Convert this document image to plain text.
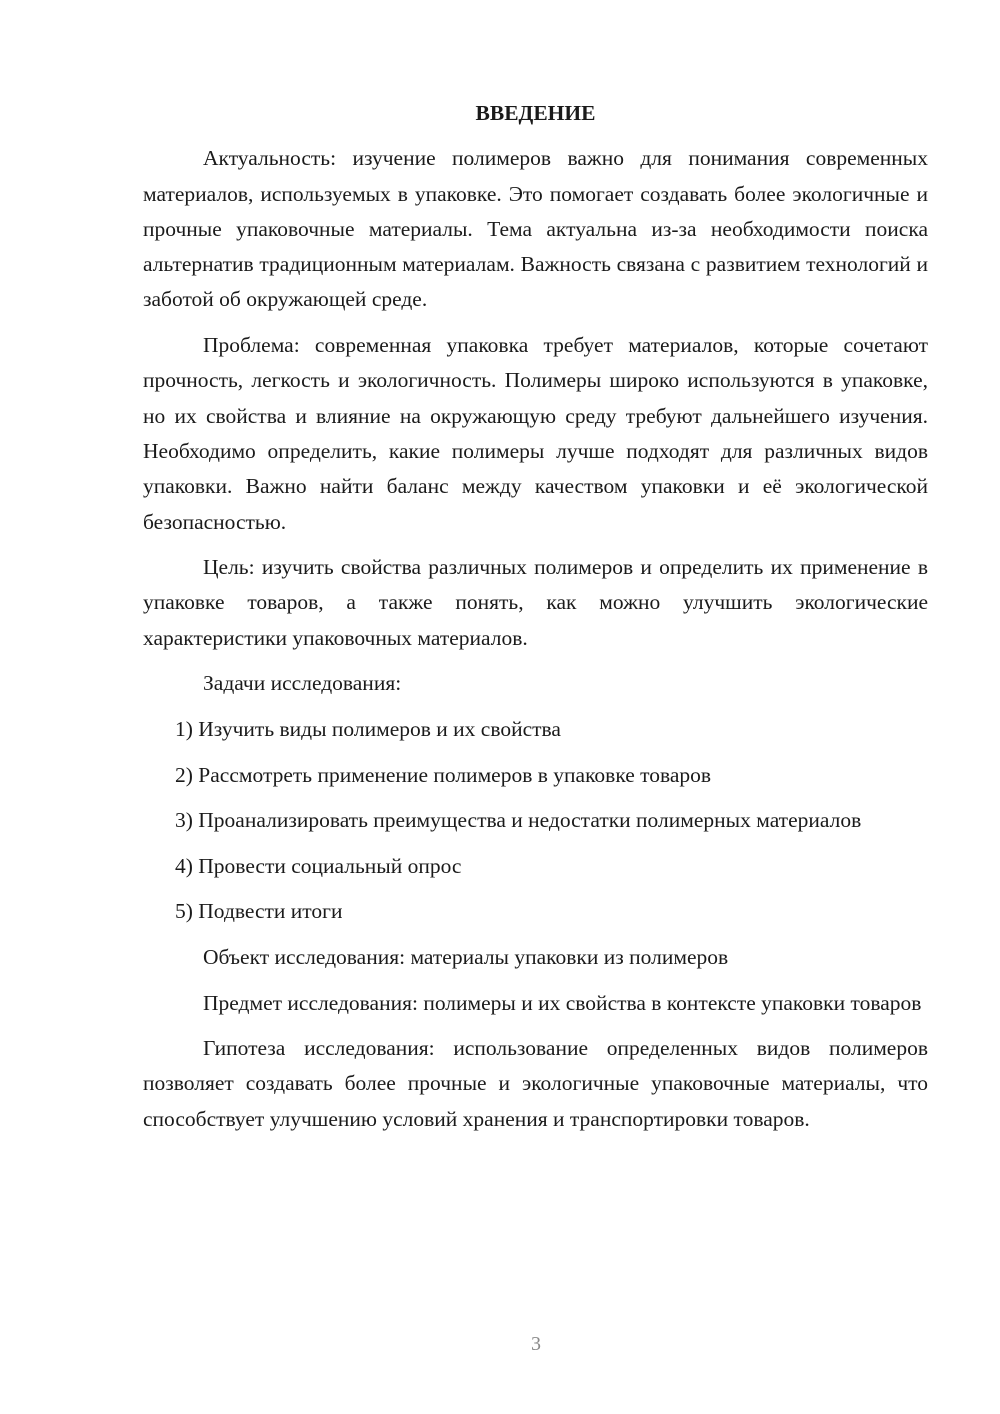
ВВЕДЕНИЕ

Актуальность: изучение полимеров важно для понимания современных материалов, используемых в упаковке. Это помогает создавать более экологичные и прочные упаковочные материалы. Тема актуальна из-за необходимости поиска альтернатив традиционным материалам. Важность связана с развитием технологий и заботой об окружающей среде.

Проблема: современная упаковка требует материалов, которые сочетают прочность, легкость и экологичность. Полимеры широко используются в упаковке, но их свойства и влияние на окружающую среду требуют дальнейшего изучения. Необходимо определить, какие полимеры лучше подходят для различных видов упаковки. Важно найти баланс между качеством упаковки и её экологической безопасностью.

Цель: изучить свойства различных полимеров и определить их применение в упаковке товаров, а также понять, как можно улучшить экологические характеристики упаковочных материалов.

Задачи исследования:

1) Изучить виды полимеров и их свойства

2) Рассмотреть применение полимеров в упаковке товаров

3) Проанализировать преимущества и недостатки полимерных материалов

4) Провести социальный опрос

5) Подвести итоги

Объект исследования: материалы упаковки из полимеров

Предмет исследования: полимеры и их свойства в контексте упаковки товаров

Гипотеза исследования: использование определенных видов полимеров позволяет создавать более прочные и экологичные упаковочные материалы, что способствует улучшению условий хранения и транспортировки товаров.

3
